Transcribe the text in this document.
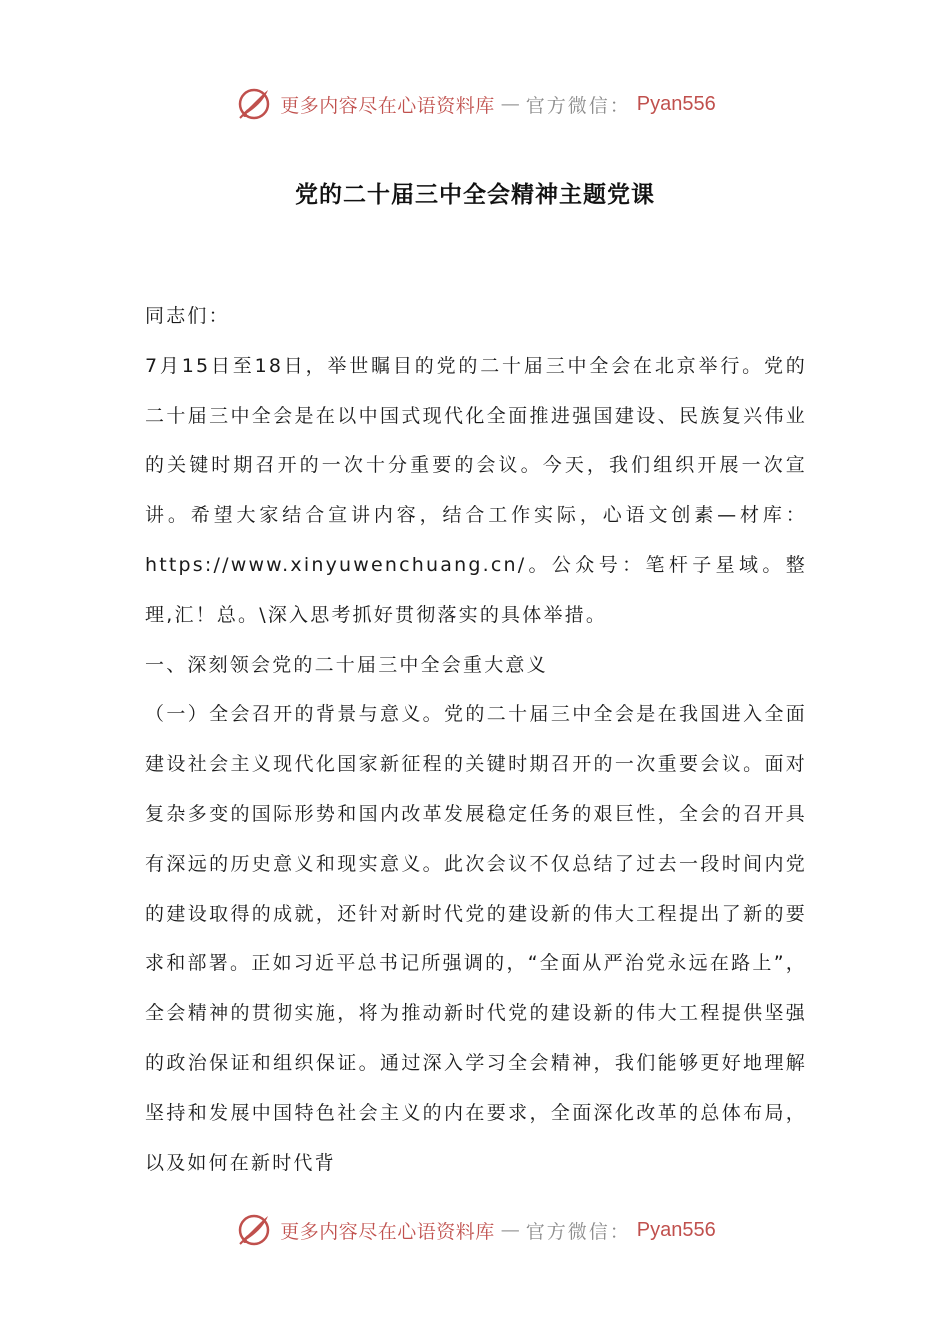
更多内容尽在心语资料库 — 官方微信： Pyan556
党的二十届三中全会精神主题党课

同志们：

7月15日至18日，举世瞩目的党的二十届三中全会在北京举行。党的二十届三中全会是在以中国式现代化全面推进强国建设、民族复兴伟业的关键时期召开的一次十分重要的会议。今天，我们组织开展一次宣讲。希望大家结合宣讲内容，结合工作实际，心语文创素—材库：https://www.xinyuwenchuang.cn/。公众号：笔杆子星域。整理,汇！总。\深入思考抓好贯彻落实的具体举措。

一、深刻领会党的二十届三中全会重大意义

（一）全会召开的背景与意义。党的二十届三中全会是在我国进入全面建设社会主义现代化国家新征程的关键时期召开的一次重要会议。面对复杂多变的国际形势和国内改革发展稳定任务的艰巨性，全会的召开具有深远的历史意义和现实意义。此次会议不仅总结了过去一段时间内党的建设取得的成就，还针对新时代党的建设新的伟大工程提出了新的要求和部署。正如习近平总书记所强调的，“全面从严治党永远在路上”，全会精神的贯彻实施，将为推动新时代党的建设新的伟大工程提供坚强的政治保证和组织保证。通过深入学习全会精神，我们能够更好地理解坚持和发展中国特色社会主义的内在要求，全面深化改革的总体布局，以及如何在新时代背

更多内容尽在心语资料库 — 官方微信： Pyan556
